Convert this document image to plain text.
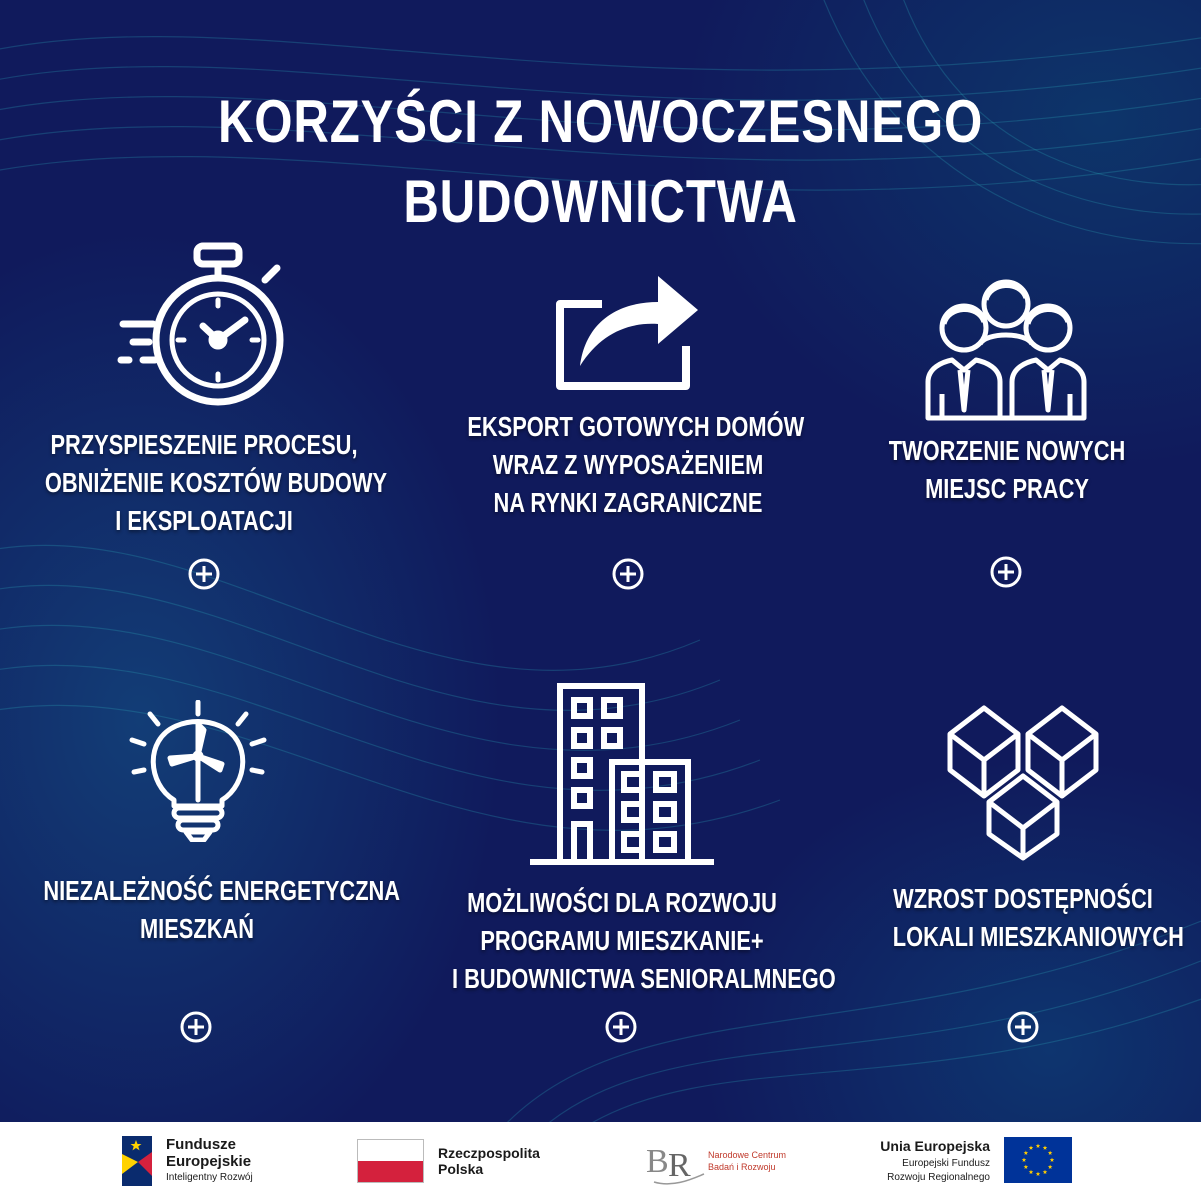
KORZYŚCI Z NOWOCZESNEGO BUDOWNICTWA
PRZYSPIESZENIE PROCESU,
OBNIŻENIE KOSZTÓW BUDOWY
I EKSPLOATACJI
EKSPORT GOTOWYCH DOMÓW
WRAZ Z WYPOSAŻENIEM
NA RYNKI ZAGRANICZNE
TWORZENIE NOWYCH
MIEJSC PRACY
NIEZALEŻNOŚĆ ENERGETYCZNA
MIESZKAŃ
MOŻLIWOŚCI DLA ROZWOJU
PROGRAMU MIESZKANIE+
I BUDOWNICTWA SENIORALMNEGO
WZROST DOSTĘPNOŚCI
LOKALI MIESZKANIOWYCH
Fundusze
Europejskie
Inteligentny Rozwój
Rzeczpospolita
Polska	B R Narodowe Centrum
Badań i Rozwoju
Unia Europejska
Europejski Fundusz
Rozwoju Regionalnego
